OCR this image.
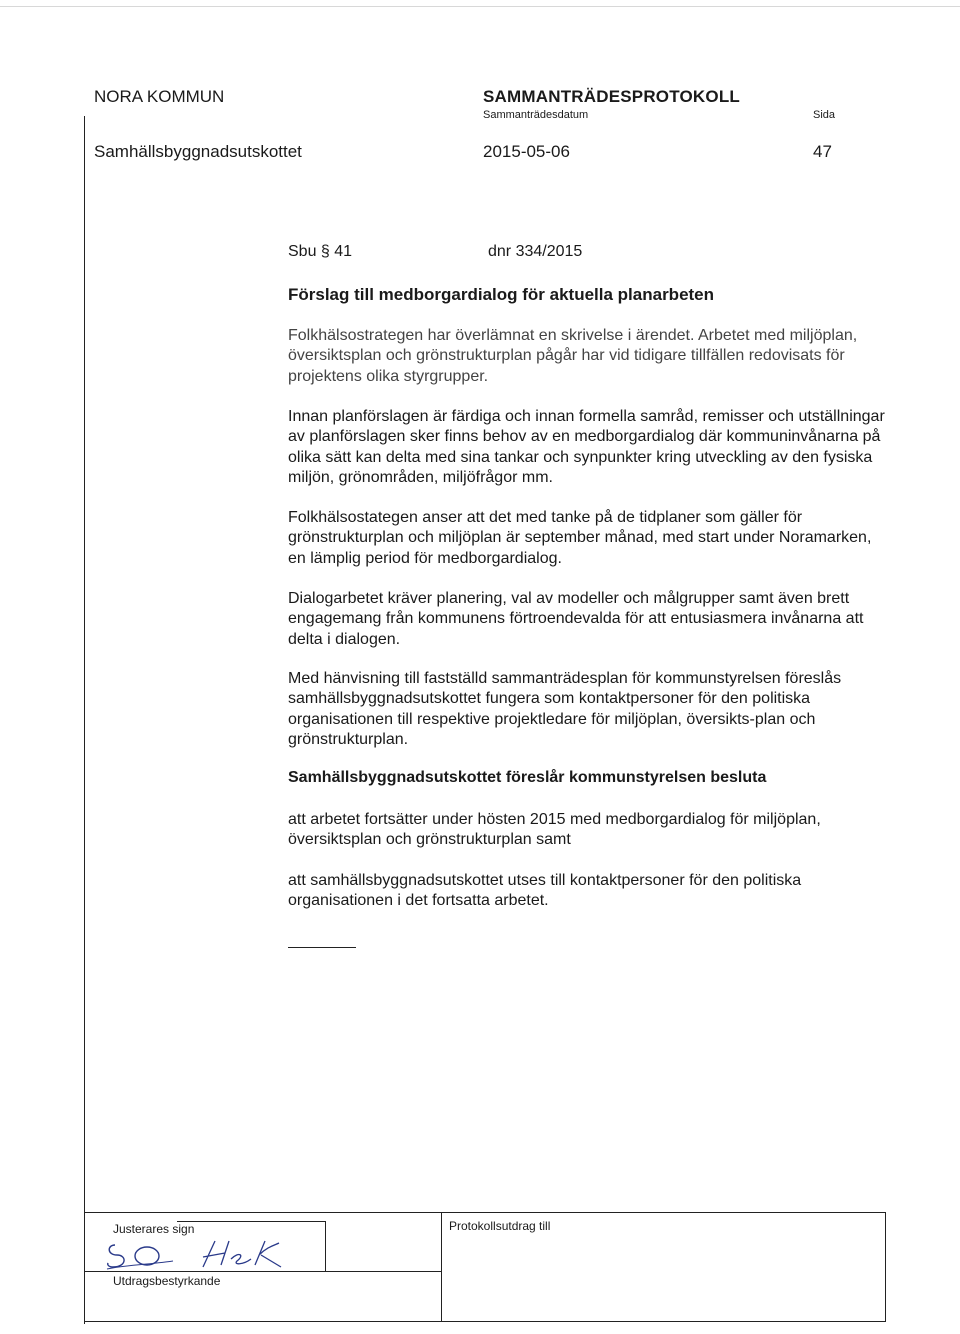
NORA KOMMUN	SAMMANTRÄDESPROTOKOLL
Sammanträdesdatum	Sida
Samhällsbyggnadsutskottet	2015-05-06	47
Sbu § 41	dnr 334/2015
Förslag till medborgardialog för aktuella planarbeten

Folkhälsostrategen har överlämnat en skrivelse i ärendet. Arbetet med miljöplan, översiktsplan och grönstrukturplan pågår har vid tidigare tillfällen redovisats för projektens olika styrgrupper.

Innan planförslagen är färdiga och innan formella samråd, remisser och utställningar av planförslagen sker finns behov av en medborgardialog där kommuninvånarna på olika sätt kan delta med sina tankar och synpunkter kring utveckling av den fysiska miljön, grönområden, miljöfrågor mm.

Folkhälsostategen anser att det med tanke på de tidplaner som gäller för grönstrukturplan och miljöplan är september månad, med start under Noramarken, en lämplig period för medborgardialog.

Dialogarbetet kräver planering, val av modeller och målgrupper samt även brett engagemang från kommunens förtroendevalda för att entusiasmera invånarna att delta i dialogen.

Med hänvisning till fastställd sammanträdesplan för kommunstyrelsen föreslås samhällsbyggnadsutskottet fungera som kontaktpersoner för den politiska organisationen till respektive projektledare för miljöplan, översikts-plan och grönstrukturplan.

Samhällsbyggnadsutskottet föreslår kommunstyrelsen besluta

att arbetet fortsätter under hösten 2015 med medborgardialog för miljöplan, översiktsplan och grönstrukturplan samt

att samhällsbyggnadsutskottet utses till kontaktpersoner för den politiska organisationen i det fortsatta arbetet.

Justerares sign
Utdragsbestyrkande
Protokollsutdrag till
